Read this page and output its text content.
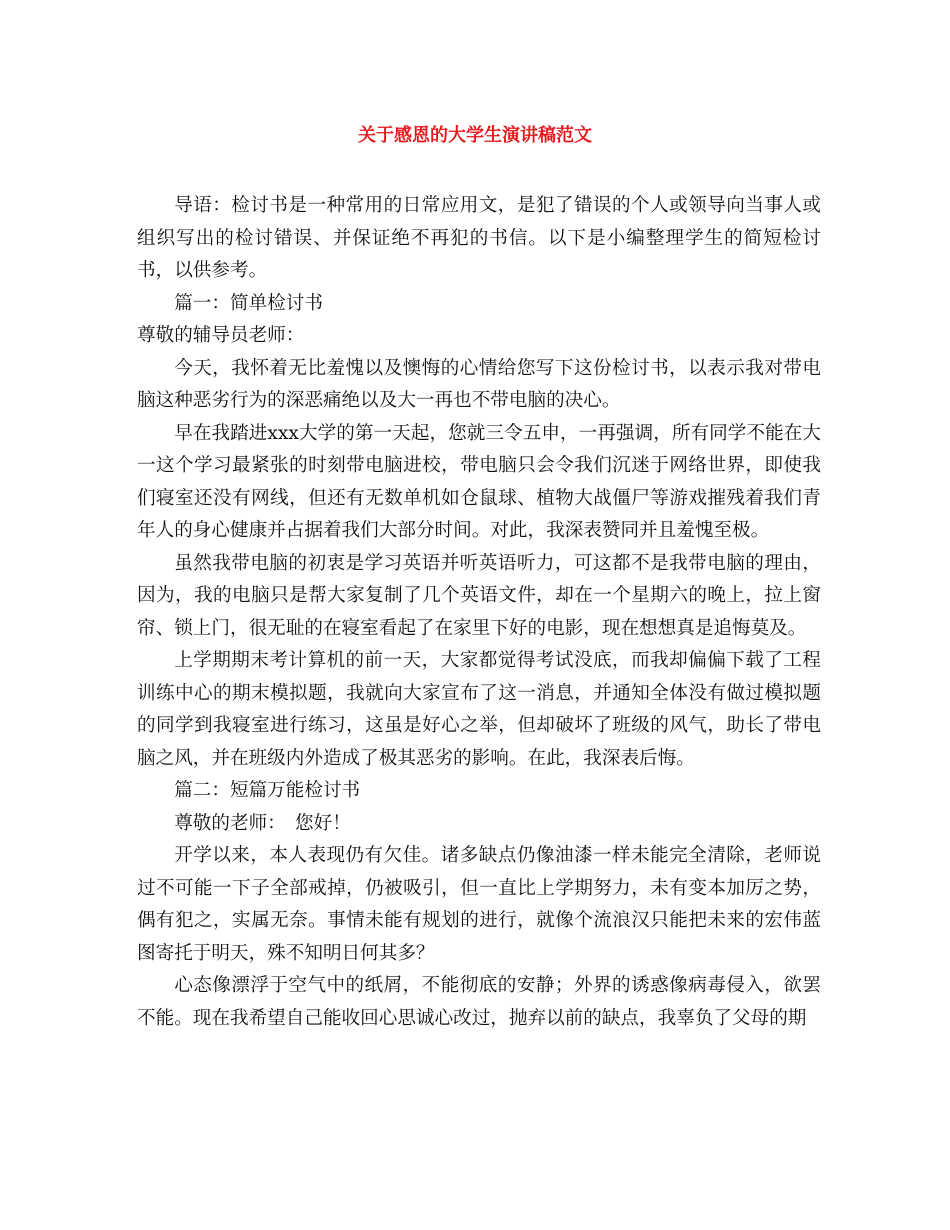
关于感恩的大学生演讲稿范文

导语：检讨书是一种常用的日常应用文，是犯了错误的个人或领导向当事人或组织写出的检讨错误、并保证绝不再犯的书信。以下是小编整理学生的简短检讨书，以供参考。

篇一：简单检讨书

尊敬的辅导员老师：

今天，我怀着无比羞愧以及懊悔的心情给您写下这份检讨书，以表示我对带电脑这种恶劣行为的深恶痛绝以及大一再也不带电脑的决心。

早在我踏进xxx大学的第一天起，您就三令五申，一再强调，所有同学不能在大一这个学习最紧张的时刻带电脑进校，带电脑只会令我们沉迷于网络世界，即使我们寝室还没有网线，但还有无数单机如仓鼠球、植物大战僵尸等游戏摧残着我们青年人的身心健康并占据着我们大部分时间。对此，我深表赞同并且羞愧至极。

虽然我带电脑的初衷是学习英语并听英语听力，可这都不是我带电脑的理由，因为，我的电脑只是帮大家复制了几个英语文件，却在一个星期六的晚上，拉上窗帘、锁上门，很无耻的在寝室看起了在家里下好的电影，现在想想真是追悔莫及。

上学期期末考计算机的前一天，大家都觉得考试没底，而我却偏偏下载了工程训练中心的期末模拟题，我就向大家宣布了这一消息，并通知全体没有做过模拟题的同学到我寝室进行练习，这虽是好心之举，但却破坏了班级的风气，助长了带电脑之风，并在班级内外造成了极其恶劣的影响。在此，我深表后悔。

篇二：短篇万能检讨书

尊敬的老师：　您好！

开学以来，本人表现仍有欠佳。诸多缺点仍像油漆一样未能完全清除，老师说过不可能一下子全部戒掉，仍被吸引，但一直比上学期努力，未有变本加厉之势，偶有犯之，实属无奈。事情未能有规划的进行，就像个流浪汉只能把未来的宏伟蓝图寄托于明天，殊不知明日何其多？

心态像漂浮于空气中的纸屑，不能彻底的安静；外界的诱惑像病毒侵入，欲罢不能。现在我希望自己能收回心思诚心改过，抛弃以前的缺点，我辜负了父母的期
